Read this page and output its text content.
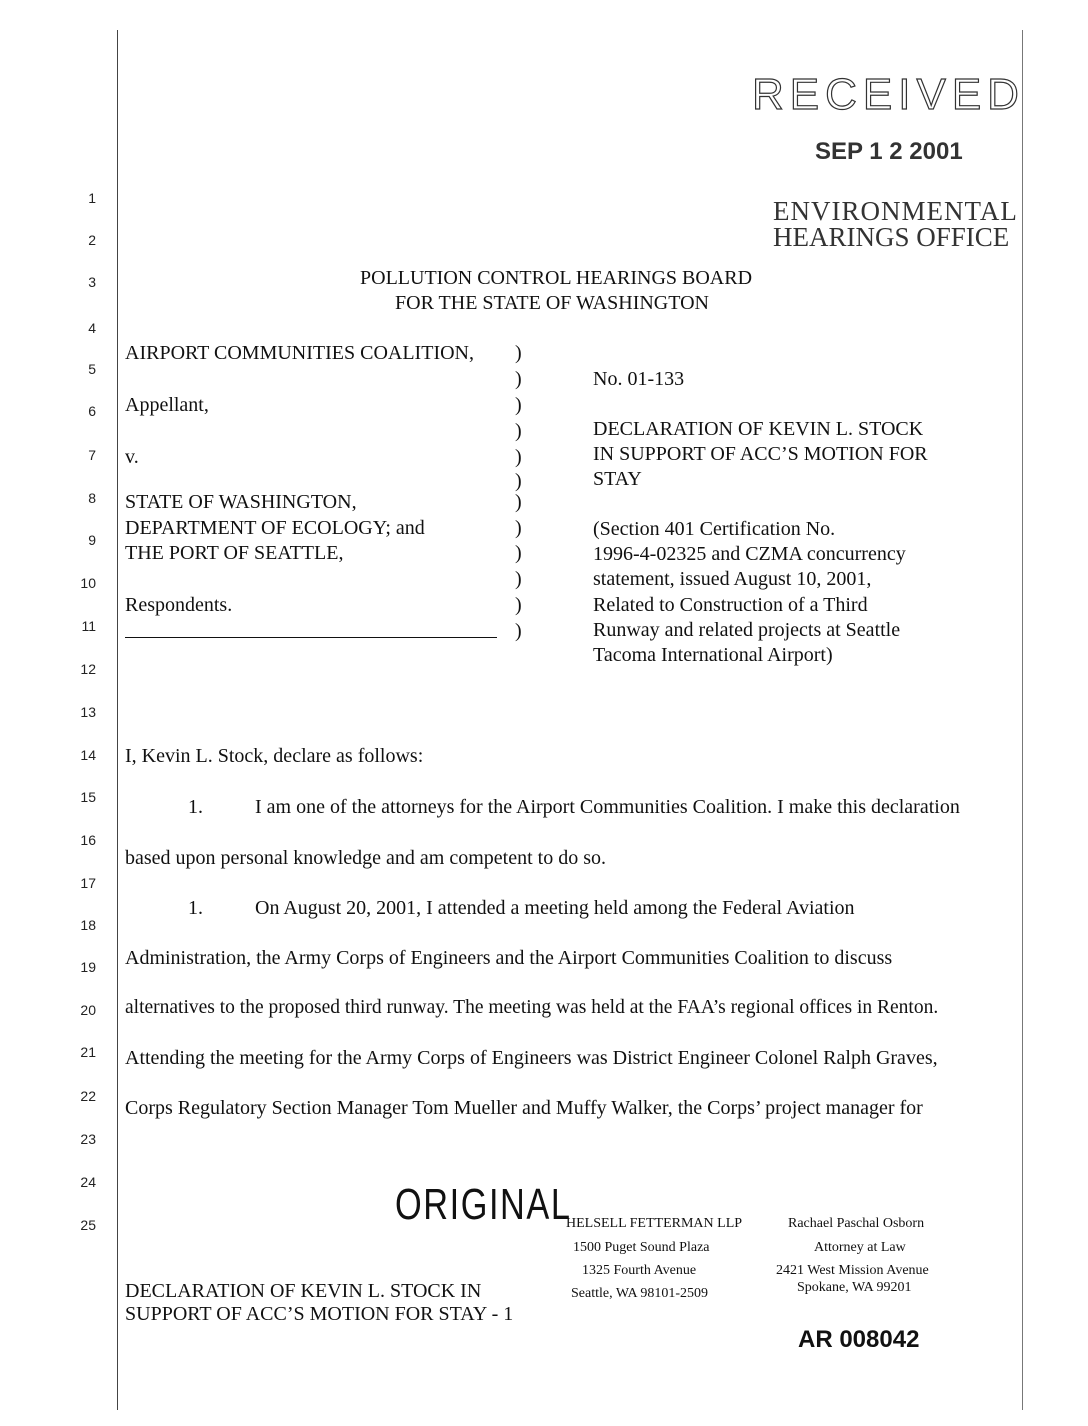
1
2
3
4
5
6
7
8
9
10
11
12
13
14
15
16
17
18
19
20
21
22
23
24
25
RECEIVED
SEP 1 2 2001
ENVIRONMENTAL
HEARINGS OFFICE
POLLUTION CONTROL HEARINGS BOARD
FOR THE STATE OF WASHINGTON
AIRPORT COMMUNITIES COALITION,
Appellant,
v.
STATE OF WASHINGTON,
DEPARTMENT OF ECOLOGY; and
THE PORT OF SEATTLE,
Respondents.
)
)
)
)
)
)
)
)
)
)
)
)
No. 01-133
DECLARATION OF KEVIN L. STOCK
IN SUPPORT OF ACC’S MOTION FOR
STAY
(Section 401 Certification No.
1996-4-02325 and CZMA concurrency
statement, issued August 10, 2001,
Related to Construction of a Third
Runway and related projects at Seattle
Tacoma International Airport)
I, Kevin L. Stock, declare as follows:
1.	I am one of the attorneys for the Airport Communities Coalition. I make this declaration
based upon personal knowledge and am competent to do so.
1.	On August 20, 2001, I attended a meeting held among the Federal Aviation
Administration, the Army Corps of Engineers and the Airport Communities Coalition to discuss
alternatives to the proposed third runway. The meeting was held at the FAA’s regional offices in Renton.
Attending the meeting for the Army Corps of Engineers was District Engineer Colonel Ralph Graves,
Corps Regulatory Section Manager Tom Mueller and Muffy Walker, the Corps’ project manager for
ORIGINAL
DECLARATION OF KEVIN L. STOCK IN
SUPPORT OF ACC’S MOTION FOR STAY - 1
HELSELL FETTERMAN LLP
1500 Puget Sound Plaza
1325 Fourth Avenue
Seattle, WA 98101-2509
Rachael Paschal Osborn
Attorney at Law
2421 West Mission Avenue
Spokane, WA 99201
AR 008042
